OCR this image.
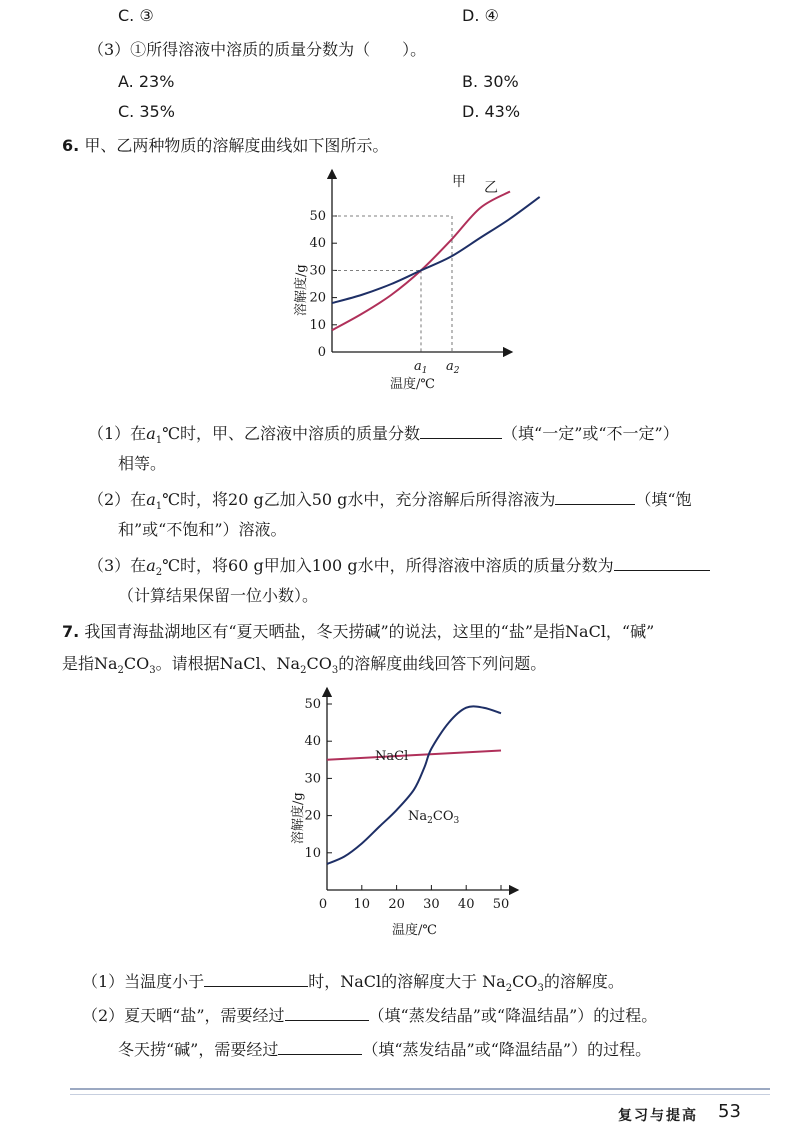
C. ③	D. ④
（3）①所得溶液中溶质的质量分数为（　　）。
A. 23%	B. 30%
C. 35%	D. 43%
6. 甲、乙两种物质的溶解度曲线如下图所示。
0
10
20
30
40
50
甲 乙
$a_1$ $a_2$
温度/℃
溶解度/g
（1）在$a_1℃$时，甲、乙溶液中溶质的质量分数	（填“一定”或“不一定”）
相等。
（2）在$a_1℃$时，将20 g乙加入50 g水中，充分溶解后所得溶液为	（填“饱
和”或“不饱和”）溶液。
（3）在$a_2℃$时，将60 g甲加入100 g水中，所得溶液中溶质的质量分数为
（计算结果保留一位小数）。
7. 我国青海盐湖地区有“夏天晒盐，冬天捞碱”的说法，这里的“盐”是指NaCl，“碱”
是指$Na_2CO_3$。请根据NaCl、$Na_2CO_3$的溶解度曲线回答下列问题。
10
20
30
40
50
0 10 20 30 40 50
NaCl
$Na_2CO_3$
温度/℃
溶解度/g
（1）当温度小于	时，NaCl的溶解度大于 $Na_2CO_3$的溶解度。
（2）夏天晒“盐”，需要经过	（填“蒸发结晶”或“降温结晶”）的过程。
冬天捞“碱”，需要经过	（填“蒸发结晶”或“降温结晶”）的过程。
复习与提高 53
